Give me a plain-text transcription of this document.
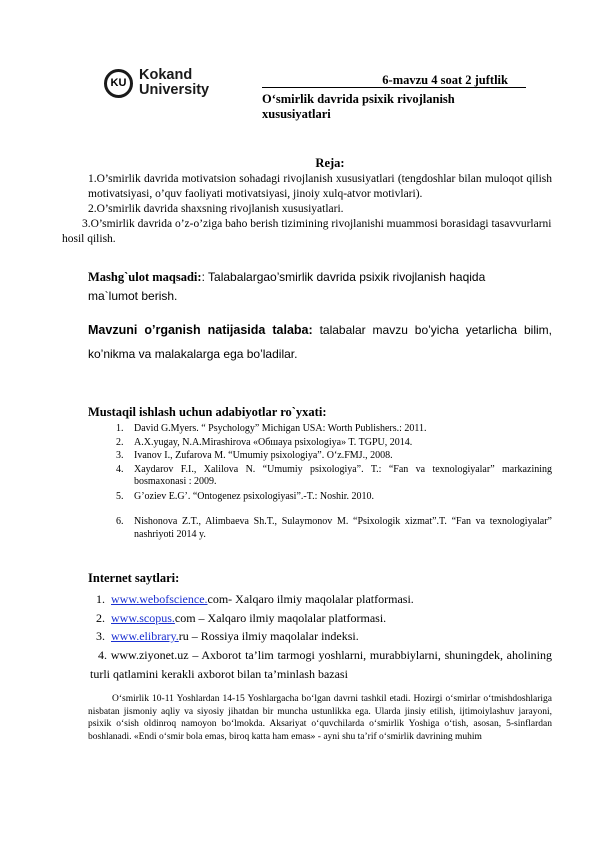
KU Kokand
University
6-mavzu 4 soat 2 juftlik
O‘smirlik davrida psixik rivojlanish xususiyatlari
Reja:
1.O’smirlik davrida motivatsion sohadagi rivojlanish xususiyatlari (tengdoshlar bilan muloqot qilish motivatsiyasi, o’quv faoliyati motivatsiyasi, jinoiy xulq-atvor motivlari).
2.O’smirlik davrida shaxsning rivojlanish xususiyatlari.
3.O’smirlik davrida o’z-o’ziga baho berish tizimining rivojlanishi muammosi borasidagi tasavvurlarni hosil qilish.
Mashg`ulot maqsadi:: Talabalargao’smirlik davrida psixik rivojlanish haqida ma`lumot berish.
Mavzuni o’rganish natijasida talaba: talabalar mavzu bo’yicha yetarlicha bilim, ko’nikma va malakalarga ega bo’ladilar.
Mustaqil ishlash uchun adabiyotlar ro`yxati:
1. David G.Myers. “ Psychology” Michigan USA: Worth Publishers.: 2011.
2. A.X.yugay, N.A.Mirashirova «Обшaya psixologiya» T. TGPU, 2014.
3. Ivanov I., Zufarova M. “Umumiy psixologiya”. O‘z.FMJ., 2008.
4. Xaydarov F.I., Xalilova N. “Umumiy psixologiya”. T.: “Fan va texnologiyalar” markazining bosmaxonasi : 2009.
5. G’oziev E.G’. “Ontogenez psixologiyasi”.-T.: Noshir. 2010.
6. Nishonova Z.T., Alimbaeva Sh.T., Sulaymonov M. “Psixologik xizmat”.T. “Fan va texnologiyalar” nashriyoti 2014 y.
Internet saytlari:
1. www.webofscience.com- Xalqaro ilmiy maqolalar platformasi.
2. www.scopus.com – Xalqaro ilmiy maqolalar platformasi.
3. www.elibrary.ru – Rossiya ilmiy maqolalar indeksi.
4. www.ziyonet.uz – Axborot ta’lim tarmogi yoshlarni, murabbiylarni, shuningdek, aholining turli qatlamini kerakli axborot bilan ta’minlash bazasi
O‘smirlik 10-11 Yoshlardan 14-15 Yoshlargacha bo‘lgan davrni tashkil etadi. Hozirgi o‘smirlar o‘tmishdoshlariga nisbatan jismoniy aqliy va siyosiy jihatdan bir muncha ustunlikka ega. Ularda jinsiy etilish, ijtimoiylashuv jarayoni, psixik o‘sish oldinroq namoyon bo‘lmokda. Aksariyat o‘quvchilarda o‘smirlik Yoshiga o‘tish, asosan, 5-sinflardan boshlanadi. «Endi o‘smir bola emas, biroq katta ham emas» - ayni shu ta’rif o‘smirlik davrining muhim
